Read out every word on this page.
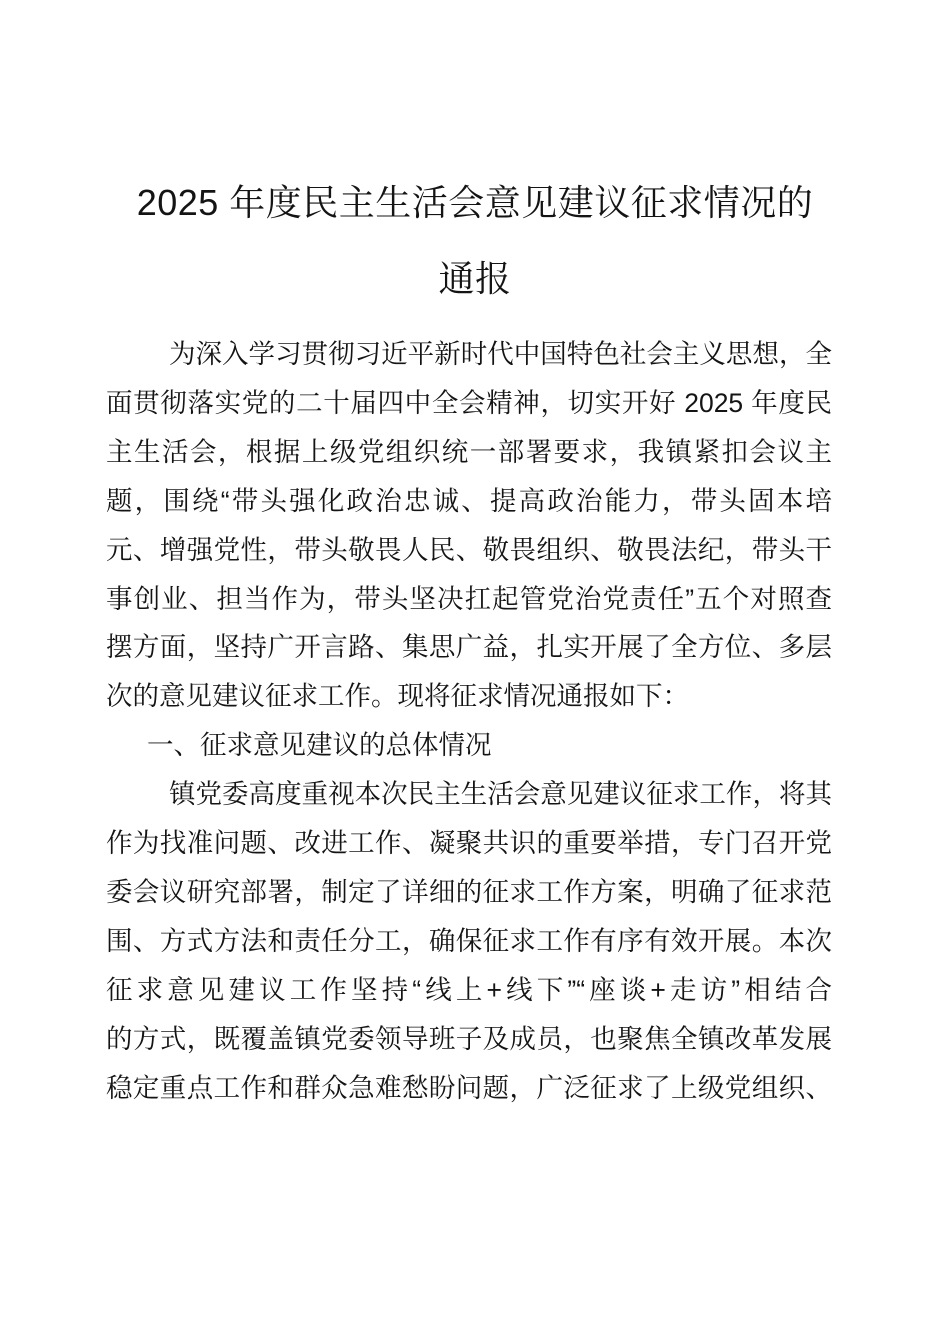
2025 年度民主生活会意见建议征求情况的
通报
为深入学习贯彻习近平新时代中国特色社会主义思想，全
面贯彻落实党的二十届四中全会精神，切实开好 2025 年度民
主生活会，根据上级党组织统一部署要求，我镇紧扣会议主
题，围绕“带头强化政治忠诚、提高政治能力，带头固本培
元、增强党性，带头敬畏人民、敬畏组织、敬畏法纪，带头干
事创业、担当作为，带头坚决扛起管党治党责任”五个对照查
摆方面，坚持广开言路、集思广益，扎实开展了全方位、多层
次的意见建议征求工作。现将征求情况通报如下：
一、征求意见建议的总体情况
镇党委高度重视本次民主生活会意见建议征求工作，将其
作为找准问题、改进工作、凝聚共识的重要举措，专门召开党
委会议研究部署，制定了详细的征求工作方案，明确了征求范
围、方式方法和责任分工，确保征求工作有序有效开展。本次
征求意见建议工作坚持“线上+线下”“座谈+走访”相结合
的方式，既覆盖镇党委领导班子及成员，也聚焦全镇改革发展
稳定重点工作和群众急难愁盼问题，广泛征求了上级党组织、
